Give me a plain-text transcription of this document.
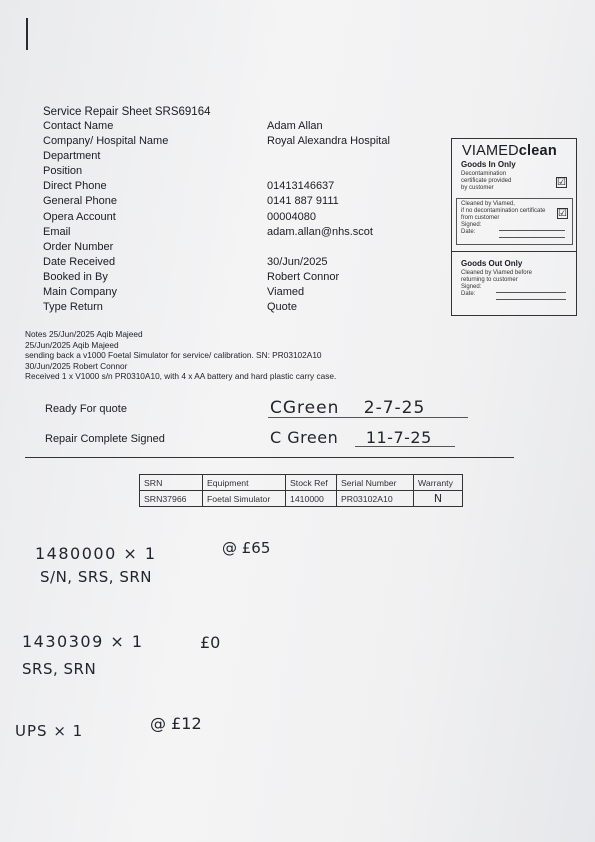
Service Repair Sheet SRS69164
Contact Name	Adam Allan
Company/ Hospital Name	Royal Alexandra Hospital
Department
Position
Direct Phone	01413146637
General Phone	0141 887 9111
Opera Account	00004080
Email	adam.allan@nhs.scot
Order Number
Date Received	30/Jun/2025
Booked in By	Robert Connor
Main Company	Viamed
Type Return	Quote
VIAMEDclean
Goods In Only
Decontamination
certificate provided
by customer	☑
Cleaned by Viamed,
if no decontamination certificate
from customer
Signed:
Date:
☑
Goods Out Only
Cleaned by Viamed before
returning to customer
Signed:
Date:
Notes 25/Jun/2025 Aqib Majeed
25/Jun/2025 Aqib Majeed
sending back a v1000 Foetal Simulator for service/ calibration. SN: PR03102A10
30/Jun/2025 Robert Connor
Received 1 x V1000 s/n PR0310A10, with 4 x AA battery and hard plastic carry case.
Ready For quote	CGreen 2-7-25
Repair Complete Signed	C Green 11-7-25
SRN	Equipment	Stock Ref	Serial Number	Warranty
SRN37966	Foetal Simulator	1410000	PR03102A10	N
1480000 × 1	@ £65
S/N, SRS, SRN
1430309 × 1	£0
SRS, SRN
UPS × 1	@ £12
